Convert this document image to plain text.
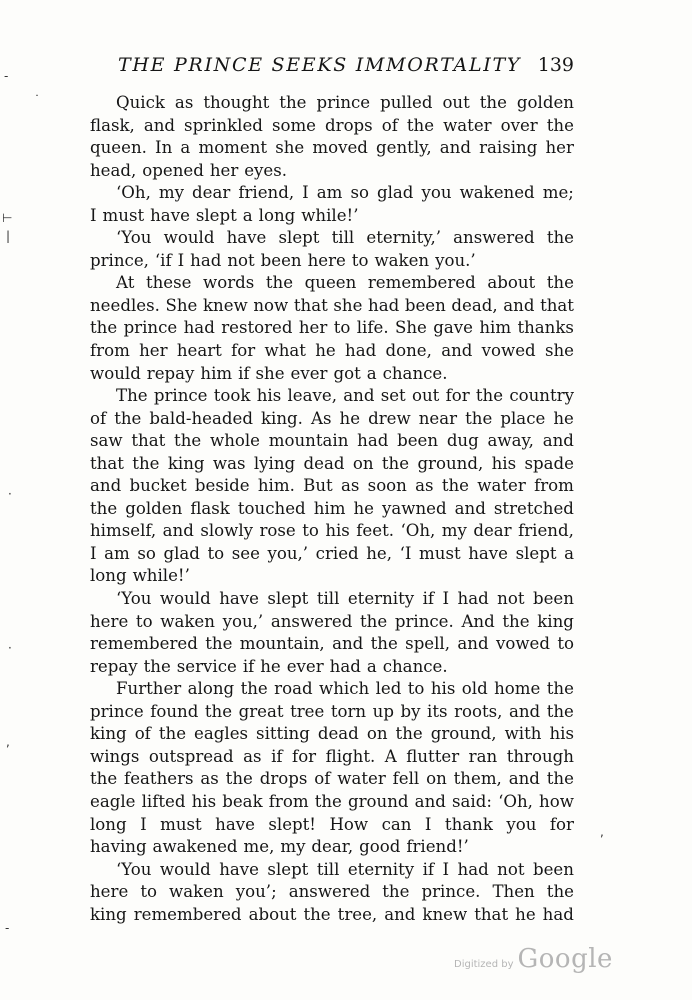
THE PRINCE SEEKS IMMORTALITY 139
Quick as thought the prince pulled out the golden
flask, and sprinkled some drops of the water over the
queen. In a moment she moved gently, and raising her
head, opened her eyes.
‘Oh, my dear friend, I am so glad you wakened me;
I must have slept a long while!’
‘You would have slept till eternity,’ answered the
prince, ‘if I had not been here to waken you.’
At these words the queen remembered about the
needles. She knew now that she had been dead, and that
the prince had restored her to life. She gave him thanks
from her heart for what he had done, and vowed she
would repay him if she ever got a chance.
The prince took his leave, and set out for the country
of the bald-headed king. As he drew near the place he
saw that the whole mountain had been dug away, and
that the king was lying dead on the ground, his spade
and bucket beside him. But as soon as the water from
the golden flask touched him he yawned and stretched
himself, and slowly rose to his feet. ‘Oh, my dear friend,
I am so glad to see you,’ cried he, ‘I must have slept a
long while!’
‘You would have slept till eternity if I had not been
here to waken you,’ answered the prince. And the king
remembered the mountain, and the spell, and vowed to
repay the service if he ever had a chance.
Further along the road which led to his old home the
prince found the great tree torn up by its roots, and the
king of the eagles sitting dead on the ground, with his
wings outspread as if for flight. A flutter ran through
the feathers as the drops of water fell on them, and the
eagle lifted his beak from the ground and said: ‘Oh, how
long I must have slept! How can I thank you for
having awakened me, my dear, good friend!’
‘You would have slept till eternity if I had not been
here to waken you’; answered the prince. Then the
king remembered about the tree, and knew that he had
˙
-
⊢
|
·
·
,
-
,
Digitized by Google
